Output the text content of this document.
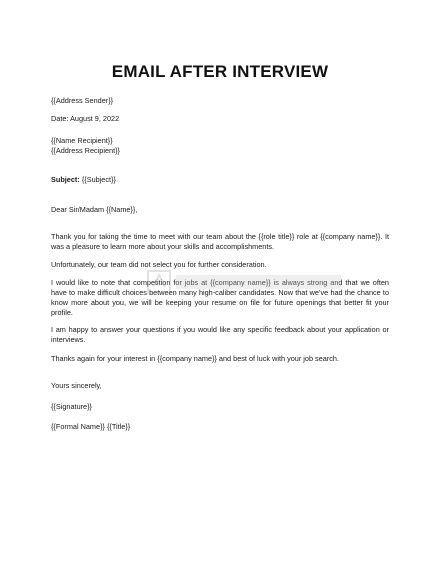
EMAIL AFTER INTERVIEW
{{Address Sender}}
Date: August 9, 2022
{{Name Recipient}}
{{Address Recipient}}
Subject: {{Subject}}
Dear Sir/Madam {{Name}},
Thank you for taking the time to meet with our team about the {{role title}} role at {{company name}}. It was a pleasure to learn more about your skills and accomplishments.
Unfortunately, our team did not select you for further consideration.
I would like to note that competition for jobs at {{company name}} is always strong and that we often have to make difficult choices between many high-caliber candidates. Now that we’ve had the chance to know more about you, we will be keeping your resume on file for future openings that better fit your profile.
I am happy to answer your questions if you would like any specific feedback about your application or interviews.
Thanks again for your interest in {{company name}} and best of luck with your job search.
Yours sincerely,
{{Signature}}
{{Formal Name}} {{Title}}
